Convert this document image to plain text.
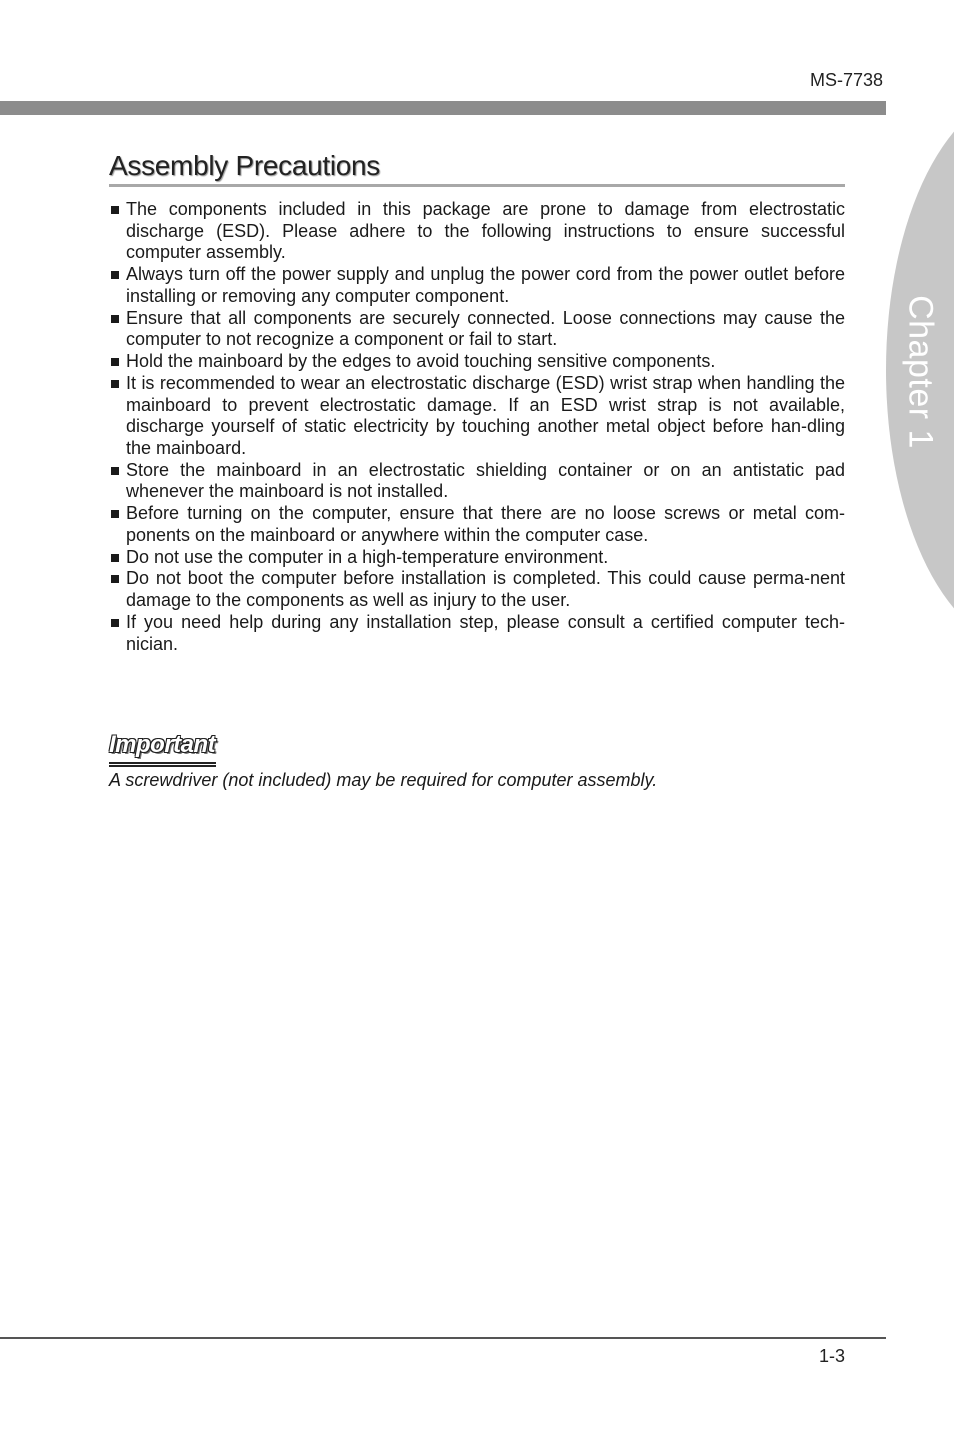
MS-7738
Chapter 1
Assembly Precautions
The components included in this package are prone to damage from electrostatic discharge (ESD). Please adhere to the following instructions to ensure successful computer assembly.
Always turn off the power supply and unplug the power cord from the power outlet before installing or removing any computer component.
Ensure that all components are securely connected. Loose connections may cause the computer to not recognize a component or fail to start.
Hold the mainboard by the edges to avoid touching sensitive components.
It is recommended to wear an electrostatic discharge (ESD) wrist strap when handling the mainboard to prevent electrostatic damage. If an ESD wrist strap is not available, discharge yourself of static electricity by touching another metal object before han-dling the mainboard.
Store the mainboard in an electrostatic shielding container or on an antistatic pad whenever the mainboard is not installed.
Before turning on the computer, ensure that there are no loose screws or metal com-ponents on the mainboard or anywhere within the computer case.
Do not use the computer in a high-temperature environment.
Do not boot the computer before installation is completed. This could cause perma-nent damage to the components as well as injury to the user.
If you need help during any installation step, please consult a certified computer tech-nician.
Important
A screwdriver (not included) may be required for computer assembly.
1-3
